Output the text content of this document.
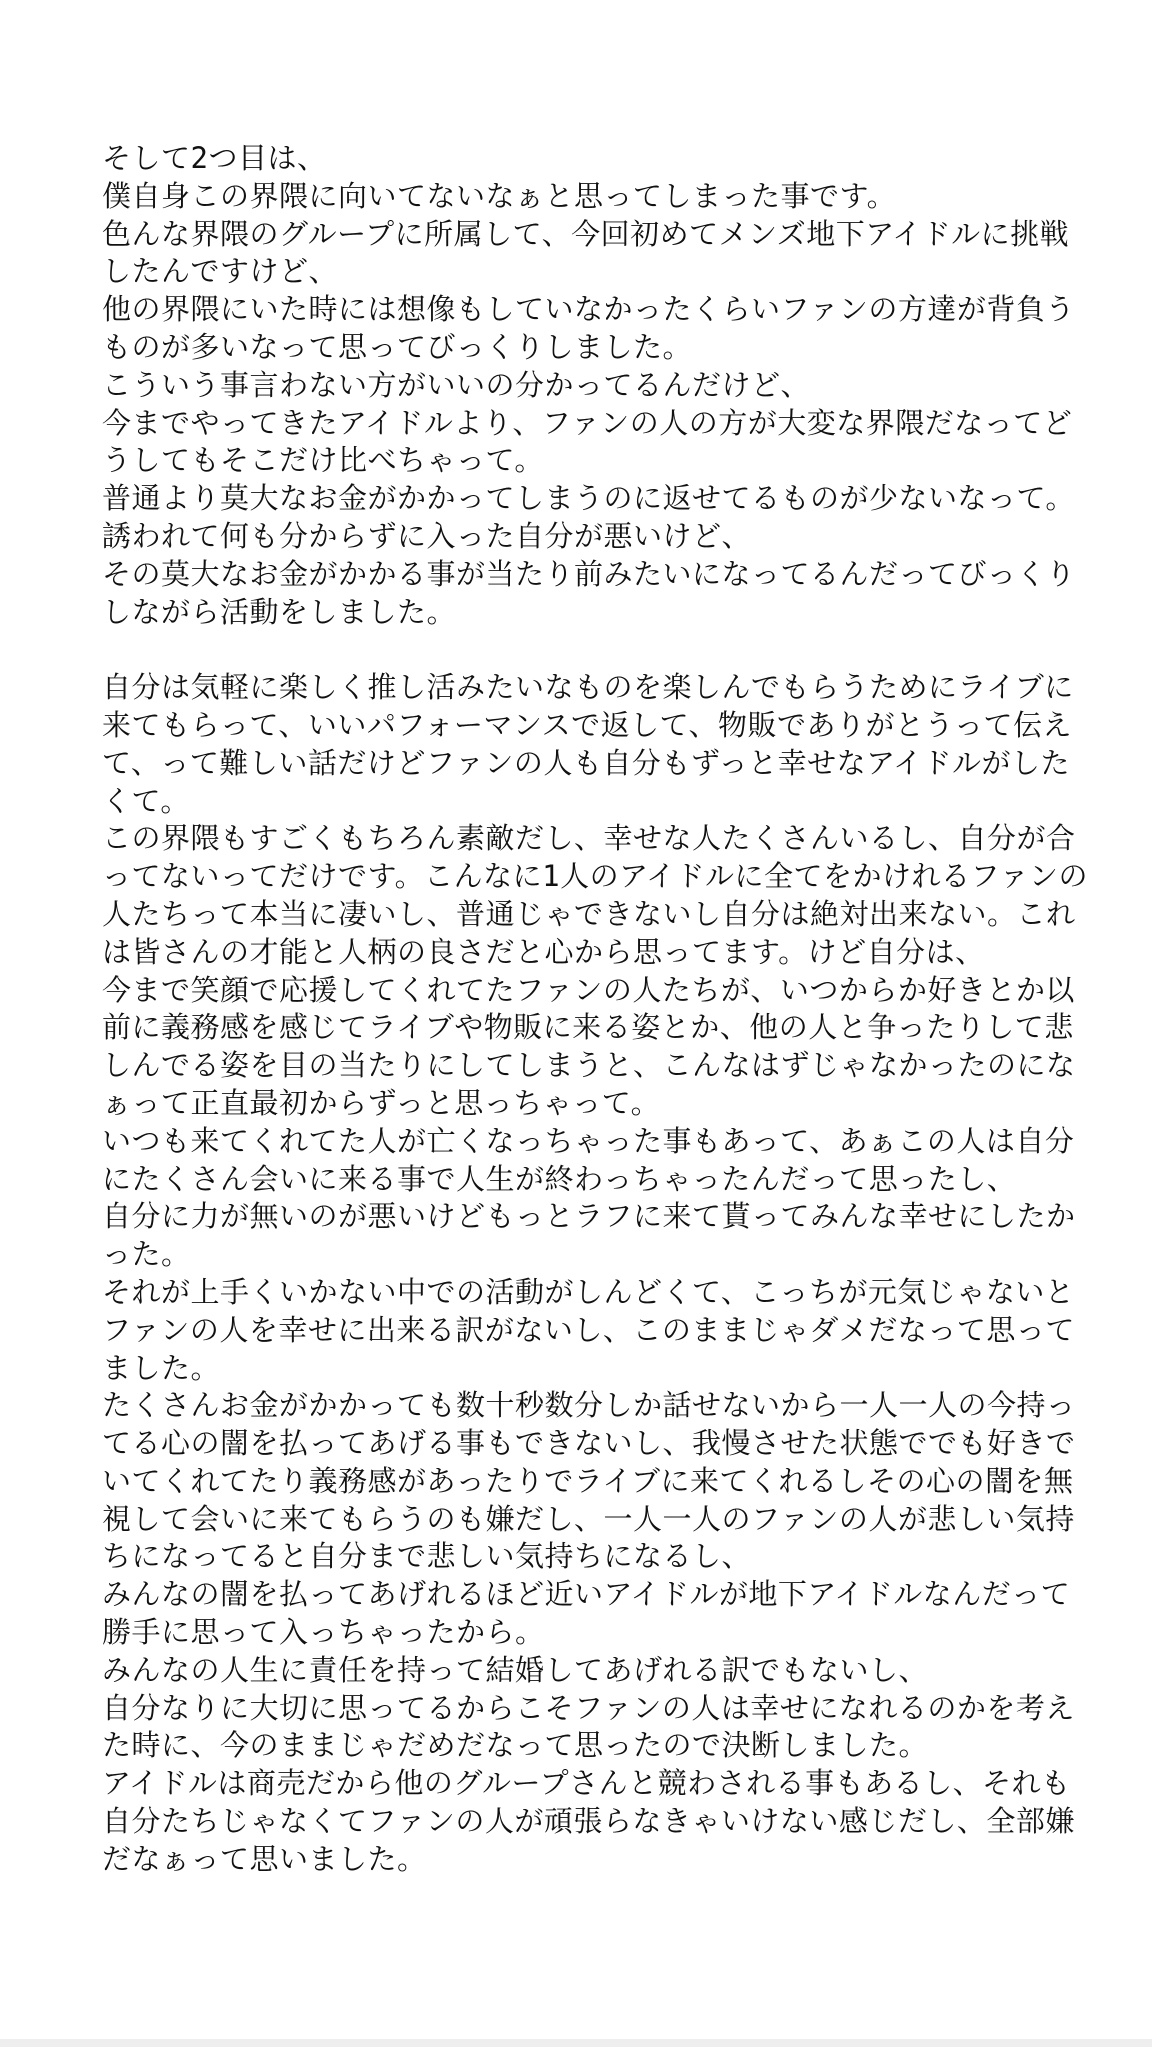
そして2つ目は、
僕自身この界隈に向いてないなぁと思ってしまった事です。
色んな界隈のグループに所属して、今回初めてメンズ地下アイドルに挑戦
したんですけど、
他の界隈にいた時には想像もしていなかったくらいファンの方達が背負う
ものが多いなって思ってびっくりしました。
こういう事言わない方がいいの分かってるんだけど、
今までやってきたアイドルより、ファンの人の方が大変な界隈だなってど
うしてもそこだけ比べちゃって。
普通より莫大なお金がかかってしまうのに返せてるものが少ないなって。
誘われて何も分からずに入った自分が悪いけど、
その莫大なお金がかかる事が当たり前みたいになってるんだってびっくり
しながら活動をしました。
自分は気軽に楽しく推し活みたいなものを楽しんでもらうためにライブに
来てもらって、いいパフォーマンスで返して、物販でありがとうって伝え
て、って難しい話だけどファンの人も自分もずっと幸せなアイドルがした
くて。
この界隈もすごくもちろん素敵だし、幸せな人たくさんいるし、自分が合
ってないってだけです。こんなに1人のアイドルに全てをかけれるファンの
人たちって本当に凄いし、普通じゃできないし自分は絶対出来ない。これ
は皆さんの才能と人柄の良さだと心から思ってます。けど自分は、
今まで笑顔で応援してくれてたファンの人たちが、いつからか好きとか以
前に義務感を感じてライブや物販に来る姿とか、他の人と争ったりして悲
しんでる姿を目の当たりにしてしまうと、こんなはずじゃなかったのにな
ぁって正直最初からずっと思っちゃって。
いつも来てくれてた人が亡くなっちゃった事もあって、あぁこの人は自分
にたくさん会いに来る事で人生が終わっちゃったんだって思ったし、
自分に力が無いのが悪いけどもっとラフに来て貰ってみんな幸せにしたか
った。
それが上手くいかない中での活動がしんどくて、こっちが元気じゃないと
ファンの人を幸せに出来る訳がないし、このままじゃダメだなって思って
ました。
たくさんお金がかかっても数十秒数分しか話せないから一人一人の今持っ
てる心の闇を払ってあげる事もできないし、我慢させた状態ででも好きで
いてくれてたり義務感があったりでライブに来てくれるしその心の闇を無
視して会いに来てもらうのも嫌だし、一人一人のファンの人が悲しい気持
ちになってると自分まで悲しい気持ちになるし、
みんなの闇を払ってあげれるほど近いアイドルが地下アイドルなんだって
勝手に思って入っちゃったから。
みんなの人生に責任を持って結婚してあげれる訳でもないし、
自分なりに大切に思ってるからこそファンの人は幸せになれるのかを考え
た時に、今のままじゃだめだなって思ったので決断しました。
アイドルは商売だから他のグループさんと競わされる事もあるし、それも
自分たちじゃなくてファンの人が頑張らなきゃいけない感じだし、全部嫌
だなぁって思いました。
